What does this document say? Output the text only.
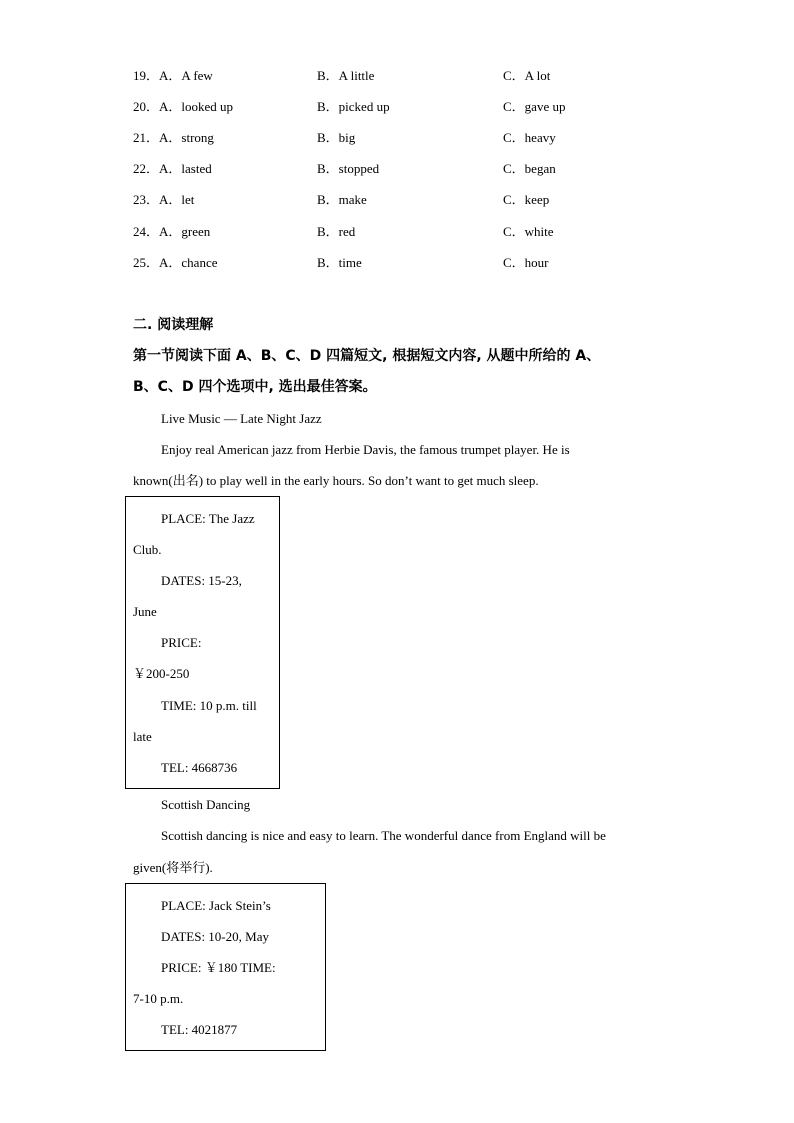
19．A．A few	B．A little	C．A lot
20．A．looked up	B．picked up	C．gave up
21．A．strong	B．big	C．heavy
22．A．lasted	B．stopped	C．began
23．A．let	B．make	C．keep
24．A．green	B．red	C．white
25．A．chance	B．time	C．hour
二. 阅读理解
第一节阅读下面 A、B、C、D 四篇短文, 根据短文内容, 从题中所给的 A、
B、C、D 四个选项中, 选出最佳答案。
Live Music — Late Night Jazz
Enjoy real American jazz from Herbie Davis, the famous trumpet player. He is
known(出名) to play well in the early hours. So don’t want to get much sleep.
PLACE: The Jazz
Club.
DATES: 15-23,
June
PRICE:
￥200-250
TIME: 10 p.m. till
late
TEL: 4668736
Scottish Dancing
Scottish dancing is nice and easy to learn. The wonderful dance from England will be
given(将举行).
PLACE: Jack Stein’s
DATES: 10-20, May
PRICE: ￥180 TIME:
7-10 p.m.
TEL: 4021877
